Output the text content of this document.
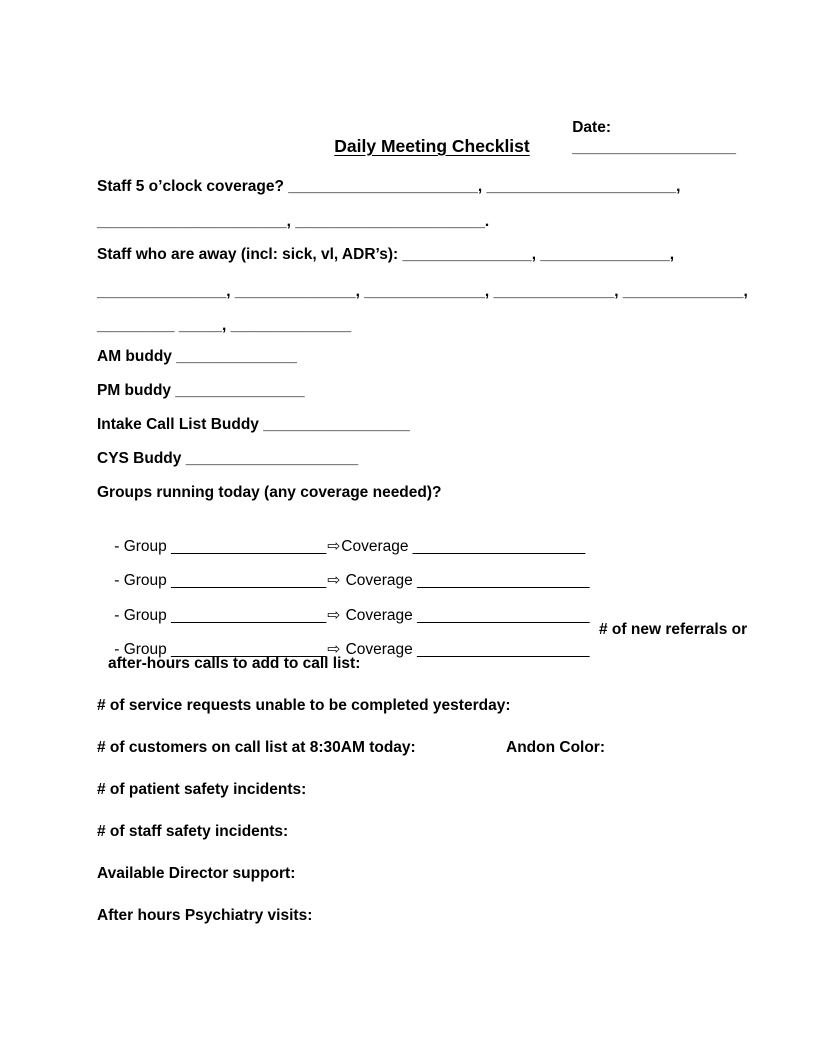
Date:
___________________

Daily Meeting Checklist
Staff 5 o’clock coverage? ______________________, ______________________,
______________________, ______________________.
Staff who are away (incl: sick, vl, ADR’s): _______________, _______________,
_______________, ______________, ______________, ______________, ______________,
_________ _____, ______________
AM buddy ______________
PM buddy _______________
Intake Call List Buddy _________________
CYS Buddy ____________________
Groups running today (any coverage needed)?

- Group __________________⇨Coverage ____________________

- Group __________________⇨ Coverage ____________________

- Group __________________⇨ Coverage ____________________

- Group __________________⇨ Coverage ____________________

# of new referrals or
after-hours calls to add to call list:
# of service requests unable to be completed yesterday:
# of customers on call list at 8:30AM today:	Andon Color:
# of patient safety incidents:
# of staff safety incidents:
Available Director support:
After hours Psychiatry visits:
